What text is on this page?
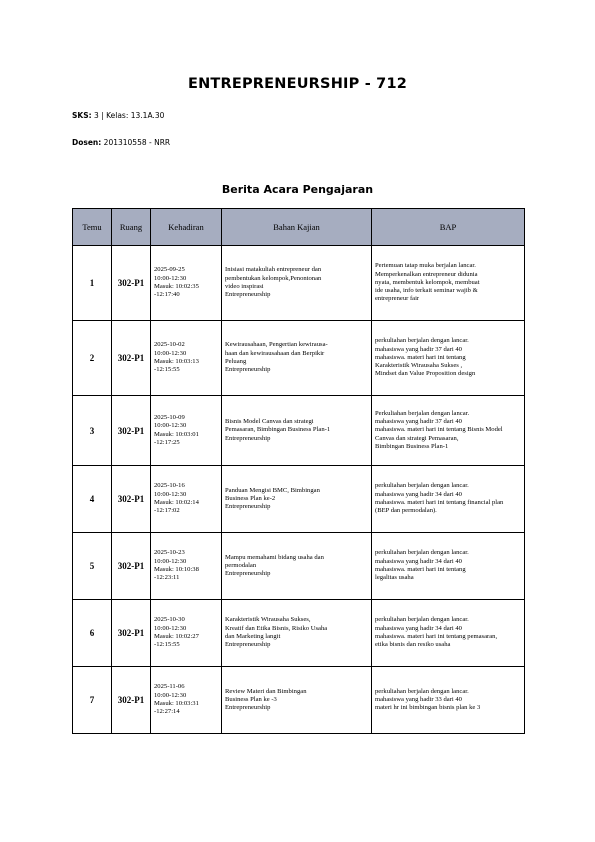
ENTREPRENEURSHIP - 712
SKS: 3 | Kelas: 13.1A.30
Dosen: 201310558 - NRR
Berita Acara Pengajaran
Temu	Ruang	Kehadiran	Bahan Kajian	BAP
1	302-P1	2025-09-25
10:00-12:30
Masuk: 10:02:35
-12:17:40	Inisiasi matakuliah entrepreneur dan
pembentukan kelompok,Penontonan
video inspirasi
Entrepreneurship	Pertemuan tatap muka berjalan lancar.
Memperkenalkan entrepreneur didunia
nyata, membentuk kelompok, membuat
ide usaha, info terkait seminar wajib &
entrepreneur fair

2	302-P1	2025-10-02
10:00-12:30
Masuk: 10:03:13
-12:15:55	Kewirausahaan, Pengertian kewirausa-
haan dan kewirausahaan dan Berpikir
Peluang
Entrepreneurship	perkuliahan berjalan dengan lancar.
mahasiswa yang hadir 37 dari 40
mahasiswa. materi hari ini tentang
Karakteristik Wirausaha Sukses ,
Mindset dan Value Proposition design

3	302-P1	2025-10-09
10:00-12:30
Masuk: 10:03:01
-12:17:25	Bisnis Model Canvas dan strategi
Pemasaran, Bimbingan Business Plan-1
Entrepreneurship	Perkuliahan berjalan dengan lancar.
mahasiswa yang hadir 37 dari 40
mahasiswa. materi hari ini tentang Bisnis Model
Canvas dan strategi Pemasaran,
Bimbingan Business Plan-1

4	302-P1	2025-10-16
10:00-12:30
Masuk: 10:02:14
-12:17:02	Panduan Mengisi BMC, Bimbingan
Business Plan ke-2
Entrepreneurship	perkuliahan berjalan dengan lancar.
mahasiswa yang hadir 34 dari 40
mahasiswa. materi hari ini tentang financial plan
(BEP dan permodalan).

5	302-P1	2025-10-23
10:00-12:30
Masuk: 10:10:38
-12:23:11	Mampu memahami bidang usaha dan
permodalan
Entrepreneurship	perkuliahan berjalan dengan lancar.
mahasiswa yang hadir 34 dari 40
mahasiswa. materi hari ini tentang
legalitas usaha

6	302-P1	2025-10-30
10:00-12:30
Masuk: 10:02:27
-12:15:55	Karakteristik Wirausaha Sukses,
Kreatif dan Etika Bisnis, Risiko Usaha
dan Marketing langit
Entrepreneurship	perkuliahan berjalan dengan lancar.
mahasiswa yang hadir 34 dari 40
mahasiswa. materi hari ini tentang pemasaran,
etika bisnis dan resiko usaha

7	302-P1	2025-11-06
10:00-12:30
Masuk: 10:03:31
-12:27:14	Review Materi dan Bimbingan
Business Plan ke -3
Entrepreneurship	perkuliahan berjalan dengan lancar.
mahasiswa yang hadir 33 dari 40
materi hr ini bimbingan bisnis plan ke 3
